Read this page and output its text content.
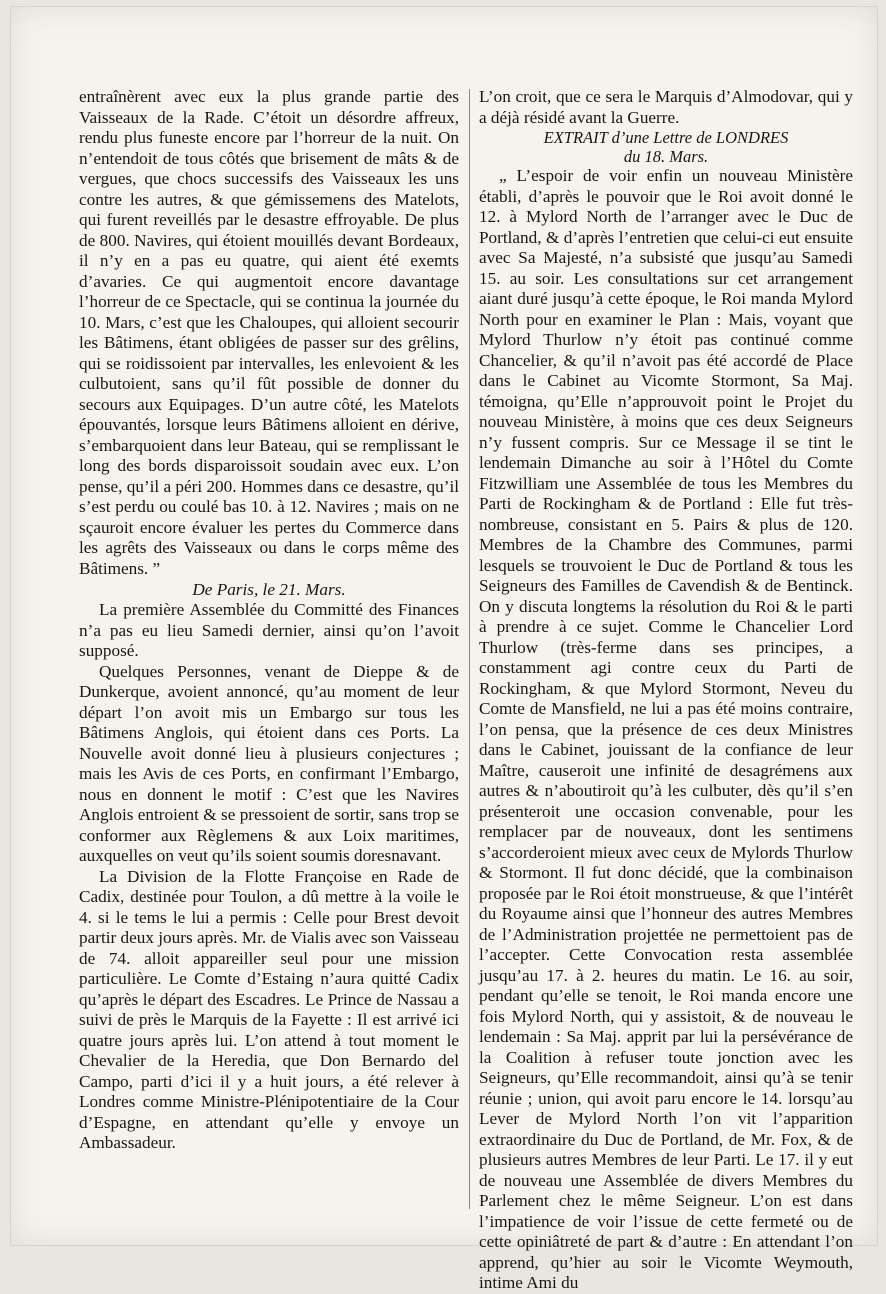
entraînèrent avec eux la plus grande partie des Vaisseaux de la Rade. C’étoit un désordre affreux, rendu plus funeste encore par l’horreur de la nuit. On n’entendoit de tous côtés que brisement de mâts & de vergues, que chocs successifs des Vaisseaux les uns contre les autres, & que gémissemens des Matelots, qui furent reveillés par le desastre effroyable. De plus de 800. Navires, qui étoient mouillés devant Bordeaux, il n’y en a pas eu quatre, qui aient été exemts d’avaries. Ce qui augmentoit encore davantage l’horreur de ce Spectacle, qui se continua la journée du 10. Mars, c’est que les Chaloupes, qui alloient secourir les Bâtimens, étant obligées de passer sur des grêlins, qui se roidissoient par intervalles, les enlevoient & les culbutoient, sans qu’il fût possible de donner du secours aux Equipages. D’un autre côté, les Matelots épouvantés, lorsque leurs Bâtimens alloient en dérive, s’embarquoient dans leur Bateau, qui se remplissant le long des bords disparoissoit soudain avec eux. L’on pense, qu’il a péri 200. Hommes dans ce desastre, qu’il s’est perdu ou coulé bas 10. à 12. Navires ; mais on ne sçauroit encore évaluer les pertes du Commerce dans les agrêts des Vaisseaux ou dans le corps même des Bâtimens. ”

De Paris, le 21. Mars.

La première Assemblée du Committé des Finances n’a pas eu lieu Samedi dernier, ainsi qu’on l’avoit supposé.

Quelques Personnes, venant de Dieppe & de Dunkerque, avoient annoncé, qu’au moment de leur départ l’on avoit mis un Embargo sur tous les Bâtimens Anglois, qui étoient dans ces Ports. La Nouvelle avoit donné lieu à plusieurs conjectures ; mais les Avis de ces Ports, en confirmant l’Embargo, nous en donnent le motif : C’est que les Navires Anglois entroient & se pressoient de sortir, sans trop se conformer aux Règlemens & aux Loix maritimes, auxquelles on veut qu’ils soient soumis doresnavant.

La Division de la Flotte Françoise en Rade de Cadix, destinée pour Toulon, a dû mettre à la voile le 4. si le tems le lui a permis : Celle pour Brest devoit partir deux jours après. Mr. de Vialis avec son Vaisseau de 74. alloit appareiller seul pour une mission particulière. Le Comte d’Estaing n’aura quitté Cadix qu’après le départ des Escadres. Le Prince de Nassau a suivi de près le Marquis de la Fayette : Il est arrivé ici quatre jours après lui. L’on attend à tout moment le Chevalier de la Heredia, que Don Bernardo del Campo, parti d’ici il y a huit jours, a été relever à Londres comme Ministre-Plénipotentiaire de la Cour d’Espagne, en attendant qu’elle y envoye un Ambassadeur.

L’on croit, que ce sera le Marquis d’Almodovar, qui y a déjà résidé avant la Guerre.

EXTRAIT d’une Lettre de LONDRES

du 18. Mars.

„ L’espoir de voir enfin un nouveau Ministère établi, d’après le pouvoir que le Roi avoit donné le 12. à Mylord North de l’arranger avec le Duc de Portland, & d’après l’entretien que celui-ci eut ensuite avec Sa Majesté, n’a subsisté que jusqu’au Samedi 15. au soir. Les consultations sur cet arrangement aiant duré jusqu’à cette époque, le Roi manda Mylord North pour en examiner le Plan : Mais, voyant que Mylord Thurlow n’y étoit pas continué comme Chancelier, & qu’il n’avoit pas été accordé de Place dans le Cabinet au Vicomte Stormont, Sa Maj. témoigna, qu’Elle n’approuvoit point le Projet du nouveau Ministère, à moins que ces deux Seigneurs n’y fussent compris. Sur ce Message il se tint le lendemain Dimanche au soir à l’Hôtel du Comte Fitzwilliam une Assemblée de tous les Membres du Parti de Rockingham & de Portland : Elle fut très-nombreuse, consistant en 5. Pairs & plus de 120. Membres de la Chambre des Communes, parmi lesquels se trouvoient le Duc de Portland & tous les Seigneurs des Familles de Cavendish & de Bentinck. On y discuta longtems la résolution du Roi & le parti à prendre à ce sujet. Comme le Chancelier Lord Thurlow (très-ferme dans ses principes, a constamment agi contre ceux du Parti de Rockingham, & que Mylord Stormont, Neveu du Comte de Mansfield, ne lui a pas été moins contraire, l’on pensa, que la présence de ces deux Ministres dans le Cabinet, jouissant de la confiance de leur Maître, causeroit une infinité de desagrémens aux autres & n’aboutiroit qu’à les culbuter, dès qu’il s’en présenteroit une occasion convenable, pour les remplacer par de nouveaux, dont les sentimens s’accorderoient mieux avec ceux de Mylords Thurlow & Stormont. Il fut donc décidé, que la combinaison proposée par le Roi étoit monstrueuse, & que l’intérêt du Royaume ainsi que l’honneur des autres Membres de l’Administration projettée ne permettoient pas de l’accepter. Cette Convocation resta assemblée jusqu’au 17. à 2. heures du matin. Le 16. au soir, pendant qu’elle se tenoit, le Roi manda encore une fois Mylord North, qui y assistoit, & de nouveau le lendemain : Sa Maj. apprit par lui la persévérance de la Coalition à refuser toute jonction avec les Seigneurs, qu’Elle recommandoit, ainsi qu’à se tenir réunie ; union, qui avoit paru encore le 14. lorsqu’au Lever de Mylord North l’on vit l’apparition extraordinaire du Duc de Portland, de Mr. Fox, & de plusieurs autres Membres de leur Parti. Le 17. il y eut de nouveau une Assemblée de divers Membres du Parlement chez le même Seigneur. L’on est dans l’impatience de voir l’issue de cette fermeté ou de cette opiniâtreté de part & d’autre : En attendant l’on apprend, qu’hier au soir le Vicomte Weymouth, intime Ami du
